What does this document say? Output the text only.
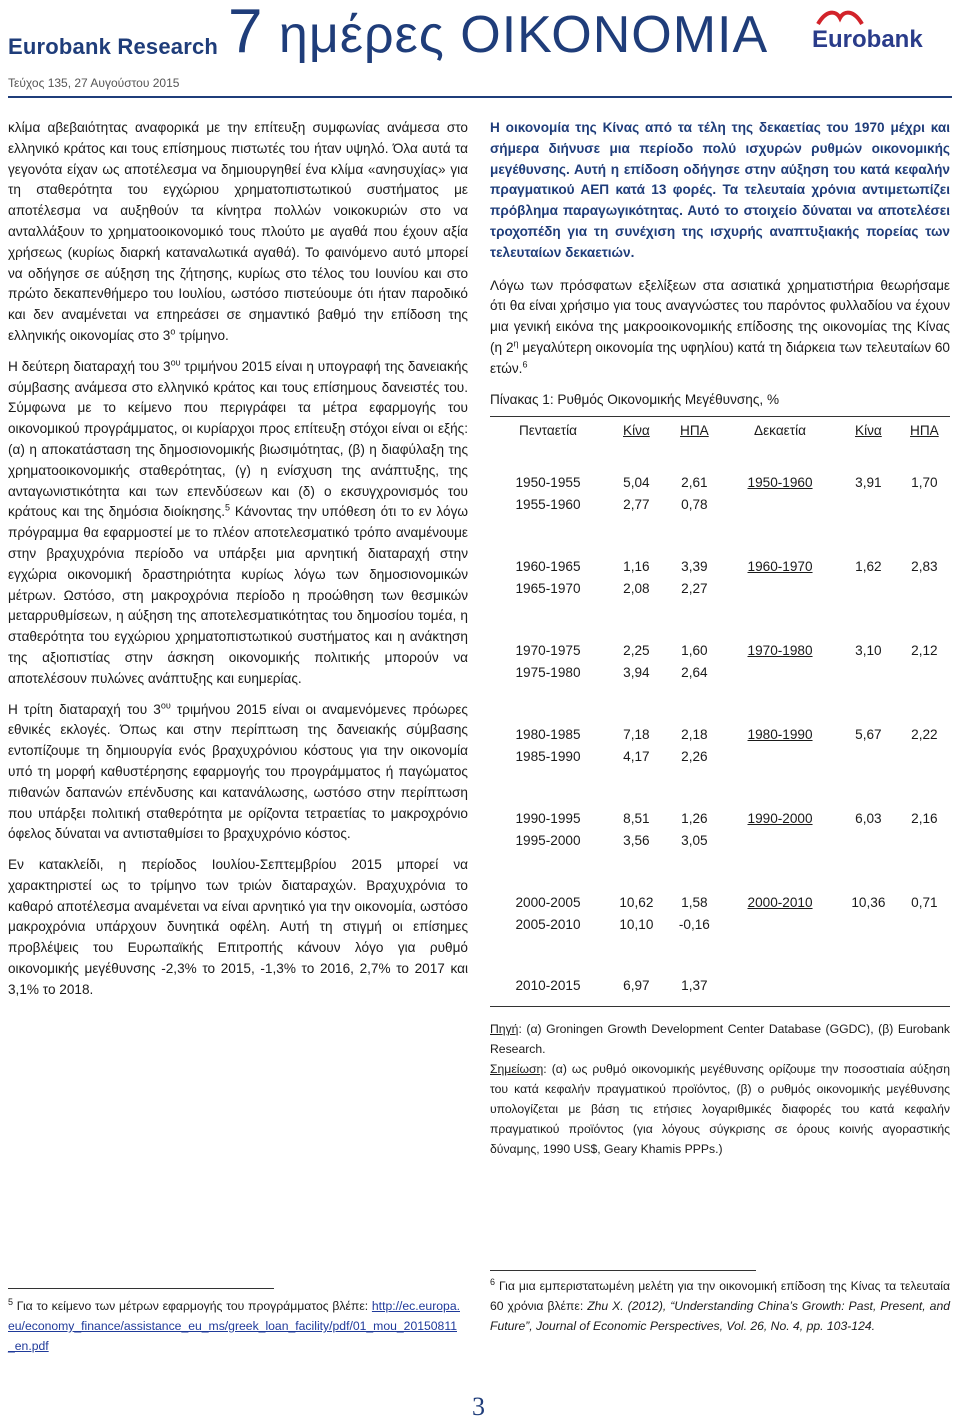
Eurobank Research
Τεύχος 135, 27 Αυγούστου 2015
7 ημέρες ΟΙΚΟΝΟΜΙΑ Eurobank

κλίμα αβεβαιότητας αναφορικά με την επίτευξη συμφωνίας ανάμεσα στο ελληνικό κράτος και τους επίσημους πιστωτές του ήταν υψηλό. Όλα αυτά τα γεγονότα είχαν ως αποτέλεσμα να δημιουργηθεί ένα κλίμα «ανησυχίας» για τη σταθερότητα του εγχώριου χρηματοπιστωτικού συστήματος με αποτέλεσμα να αυξηθούν τα κίνητρα πολλών νοικοκυριών στο να ανταλλάξουν το χρηματοοικονομικό τους πλούτο με αγαθά που έχουν αξία χρήσεως (κυρίως διαρκή καταναλωτικά αγαθά). Το φαινόμενο αυτό μπορεί να οδήγησε σε αύξηση της ζήτησης, κυρίως στο τέλος του Ιουνίου και στο πρώτο δεκαπενθήμερο του Ιουλίου, ωστόσο πιστεύουμε ότι ήταν παροδικό και δεν αναμένεται να επηρεάσει σε σημαντικό βαθμό την επίδοση της ελληνικής οικονομίας στο $3^o$ τρίμηνο.

Η δεύτερη διαταραχή του $3^{o\upsilon}$ τριμήνου 2015 είναι η υπογραφή της δανειακής σύμβασης ανάμεσα στο ελληνικό κράτος και τους επίσημους δανειστές του. Σύμφωνα με το κείμενο που περιγράφει τα μέτρα εφαρμογής του οικονομικού προγράμματος, οι κυρίαρχοι προς επίτευξη στόχοι είναι οι εξής: (α) η αποκατάσταση της δημοσιονομικής βιωσιμότητας, (β) η διαφύλαξη της χρηματοοικονομικής σταθερότητας, (γ) η ενίσχυση της ανάπτυξης, της ανταγωνιστικότητα και των επενδύσεων και (δ) ο εκσυγχρονισμός του κράτους και της δημόσια διοίκησης.$^5$ Κάνοντας την υπόθεση ότι το εν λόγω πρόγραμμα θα εφαρμοστεί με το πλέον αποτελεσματικό τρόπο αναμένουμε στην βραχυχρόνια περίοδο να υπάρξει μια αρνητική διαταραχή στην εγχώρια οικονομική δραστηριότητα κυρίως λόγω των δημοσιονομικών μέτρων. Ωστόσο, στη μακροχρόνια περίοδο η προώθηση των θεσμικών μεταρρυθμίσεων, η αύξηση της αποτελεσματικότητας του δημοσίου τομέα, η σταθερότητα του εγχώριου χρηματοπιστωτικού συστήματος και η ανάκτηση της αξιοπιστίας στην άσκηση οικονομικής πολιτικής μπορούν να αποτελέσουν πυλώνες ανάπτυξης και ευημερίας.

Η τρίτη διαταραχή του $3^{o\upsilon}$ τριμήνου 2015 είναι οι αναμενόμενες πρόωρες εθνικές εκλογές. Όπως και στην περίπτωση της δανειακής σύμβασης εντοπίζουμε τη δημιουργία ενός βραχυχρόνιου κόστους για την οικονομία υπό τη μορφή καθυστέρησης εφαρμογής του προγράμματος ή παγώματος πιθανών δαπανών επένδυσης και κατανάλωσης, ωστόσο στην περίπτωση που υπάρξει πολιτική σταθερότητα με ορίζοντα τετραετίας το μακροχρόνιο όφελος δύναται να αντισταθμίσει το βραχυχρόνιο κόστος.

Εν κατακλείδι, η περίοδος Ιουλίου-Σεπτεμβρίου 2015 μπορεί να χαρακτηριστεί ως το τρίμηνο των τριών διαταραχών. Βραχυχρόνια το καθαρό αποτέλεσμα αναμένεται να είναι αρνητικό για την οικονομία, ωστόσο μακροχρόνια υπάρχουν δυνητικά οφέλη. Αυτή τη στιγμή οι επίσημες προβλέψεις του Ευρωπαϊκής Επιτροπής κάνουν λόγο για ρυθμό οικονομικής μεγέθυνσης -2,3% το 2015, -1,3% το 2016, 2,7% το 2017 και 3,1% το 2018.

Η οικονομία της Κίνας από τα τέλη της δεκαετίας του 1970 μέχρι και σήμερα διήνυσε μια περίοδο πολύ ισχυρών ρυθμών οικονομικής μεγέθυνσης. Αυτή η επίδοση οδήγησε στην αύξηση του κατά κεφαλήν πραγματικού ΑΕΠ κατά 13 φορές. Τα τελευταία χρόνια αντιμετωπίζει πρόβλημα παραγωγικότητας. Αυτό το στοιχείο δύναται να αποτελέσει τροχοπέδη για τη συνέχιση της ισχυρής αναπτυξιακής πορείας των τελευταίων δεκαετιών.

Λόγω των πρόσφατων εξελίξεων στα ασιατικά χρηματιστήρια θεωρήσαμε ότι θα είναι χρήσιμο για τους αναγνώστες του παρόντος φυλλαδίου να έχουν μια γενική εικόνα της μακροοικονομικής επίδοσης της οικονομίας της Κίνας (η $2^\eta$ μεγαλύτερη οικονομία της υφηλίου) κατά τη διάρκεια των τελευταίων 60 ετών.$^6$

Πίνακας 1: Ρυθμός Οικονομικής Μεγέθυνσης, %
Πενταετία	Κίνα	ΗΠΑ	Δεκαετία	Κίνα	ΗΠΑ
1950-1955	5,04	2,61	1950-1960	3,91	1,70
1955-1960	2,77	0,78			

1960-1965	1,16	3,39	1960-1970	1,62	2,83
1965-1970	2,08	2,27			

1970-1975	2,25	1,60	1970-1980	3,10	2,12
1975-1980	3,94	2,64			

1980-1985	7,18	2,18	1980-1990	5,67	2,22
1985-1990	4,17	2,26			

1990-1995	8,51	1,26	1990-2000	6,03	2,16
1995-2000	3,56	3,05			

2000-2005	10,62	1,58	2000-2010	10,36	0,71
2005-2010	10,10	-0,16			

2010-2015	6,97	1,37			
Πηγή: (α) Groningen Growth Development Center Database (GGDC), (β) Eurobank Research.
Σημείωση: (α) ως ρυθμό οικονομικής μεγέθυνσης ορίζουμε την ποσοστιαία αύξηση του κατά κεφαλήν πραγματικού προϊόντος, (β) ο ρυθμός οικονομικής μεγέθυνσης υπολογίζεται με βάση τις ετήσιες λογαριθμικές διαφορές του κατά κεφαλήν πραγματικού προϊόντος (για λόγους σύγκρισης σε όρους κοινής αγοραστικής δύναμης, 1990 US$, Geary Khamis PPPs.)
$^5$ Για το κείμενο των μέτρων εφαρμογής του προγράμματος βλέπε: http://ec.europa.eu/economy_finance/assistance_eu_ms/greek_loan_facility/pdf/01_mou_20150811_en.pdf
$^6$ Για μια εμπεριστατωμένη μελέτη για την οικονομική επίδοση της Κίνας τα τελευταία 60 χρόνια βλέπε: Zhu X. (2012), “Understanding China’s Growth: Past, Present, and Future”, Journal of Economic Perspectives, Vol. 26, No. 4, pp. 103-124.
3
